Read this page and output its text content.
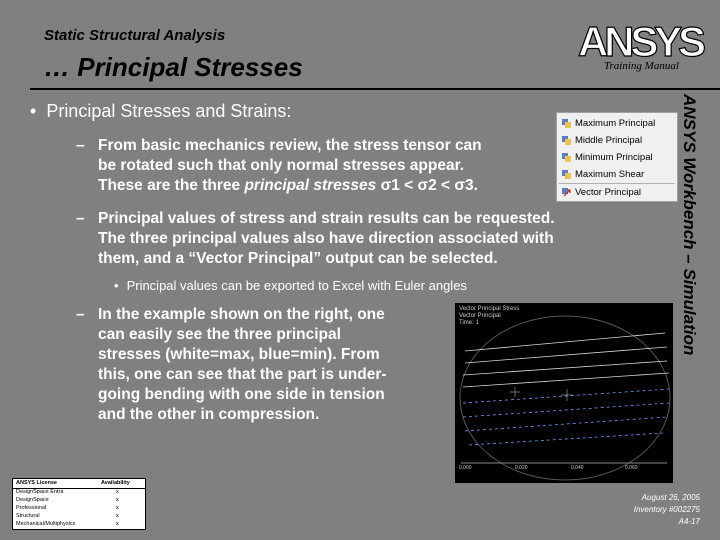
Static Structural Analysis
… Principal Stresses
ANSYS
Training Manual
ANSYS Workbench – Simulation
• Principal Stresses and Strains:
– From basic mechanics review, the stress tensor can
be rotated such that only normal stresses appear.
These are the three principal stresses σ1 < σ2 < σ3.
– Principal values of stress and strain results can be requested.
The three principal values also have direction associated with
them, and a “Vector Principal” output can be selected.
• Principal values can be exported to Excel with Euler angles
– In the example shown on the right, one
can easily see the three principal
stresses (white=max, blue=min). From
this, one can see that the part is under-
going bending with one side in tension
and the other in compression.
Maximum Principal
Middle Principal
Minimum Principal
Maximum Shear
Vector Principal
Vector Principal Stress
Vector Principal
Time: 1
0.000	0.020	0.040	0.060
ANSYS License	Availability
DesignSpace Entra	x
DesignSpace	x
Professional	x
Structural	x
Mechanical/Multiphysics	x
August 26, 2005
Inventory #002275
A4-17
